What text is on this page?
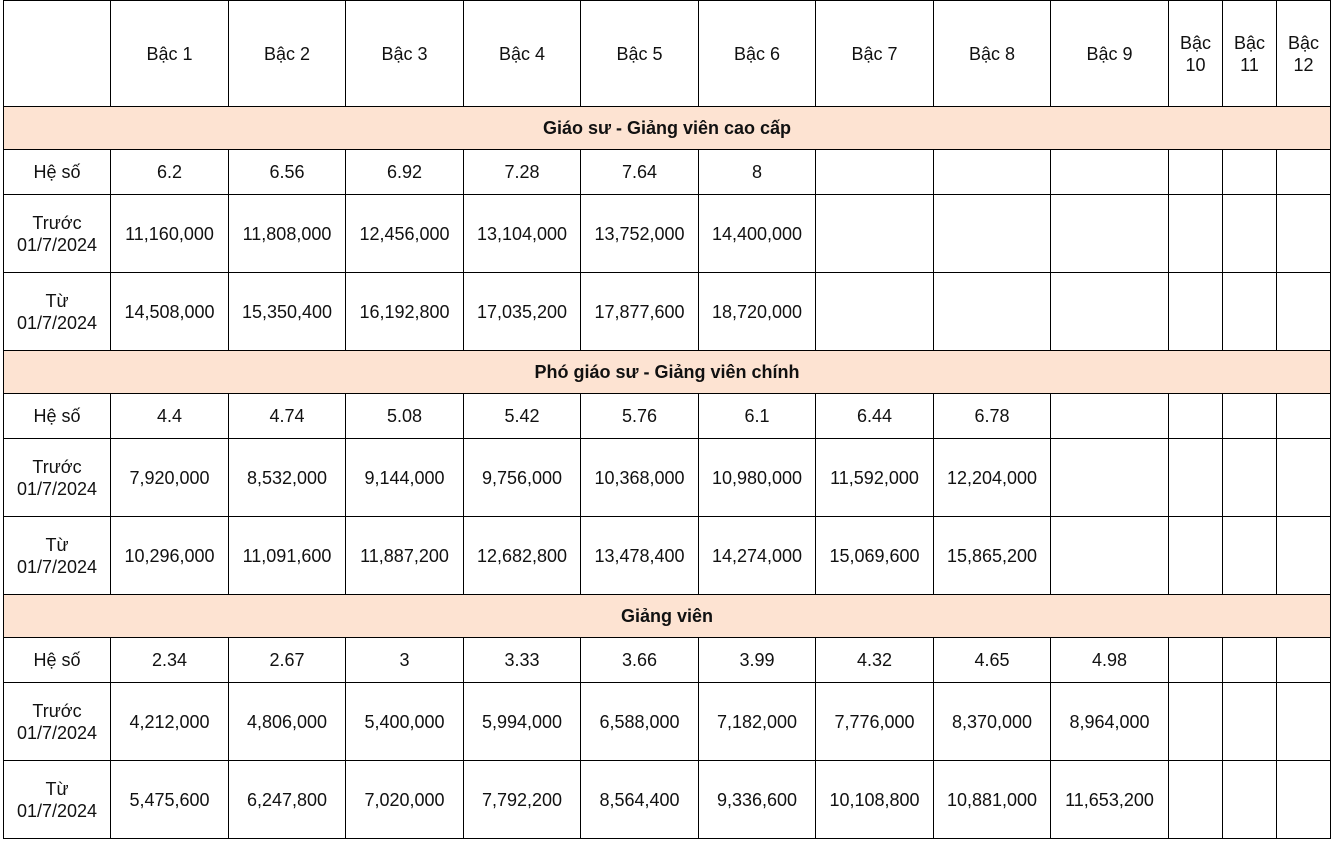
	Bậc 1	Bậc 2	Bậc 3	Bậc 4	Bậc 5	Bậc 6	Bậc 7	Bậc 8	Bậc 9	Bậc 10	Bậc 11	Bậc 12
Giáo sư - Giảng viên cao cấp												
Hệ số	6.2	6.56	6.92	7.28	7.64	8						
Trước 01/7/2024	11,160,000	11,808,000	12,456,000	13,104,000	13,752,000	14,400,000						
Từ 01/7/2024	14,508,000	15,350,400	16,192,800	17,035,200	17,877,600	18,720,000						
Phó giáo sư - Giảng viên chính												
Hệ số	4.4	4.74	5.08	5.42	5.76	6.1	6.44	6.78				
Trước 01/7/2024	7,920,000	8,532,000	9,144,000	9,756,000	10,368,000	10,980,000	11,592,000	12,204,000				
Từ 01/7/2024	10,296,000	11,091,600	11,887,200	12,682,800	13,478,400	14,274,000	15,069,600	15,865,200				
Giảng viên												
Hệ số	2.34	2.67	3	3.33	3.66	3.99	4.32	4.65	4.98			
Trước 01/7/2024	4,212,000	4,806,000	5,400,000	5,994,000	6,588,000	7,182,000	7,776,000	8,370,000	8,964,000			
Từ 01/7/2024	5,475,600	6,247,800	7,020,000	7,792,200	8,564,400	9,336,600	10,108,800	10,881,000	11,653,200			
